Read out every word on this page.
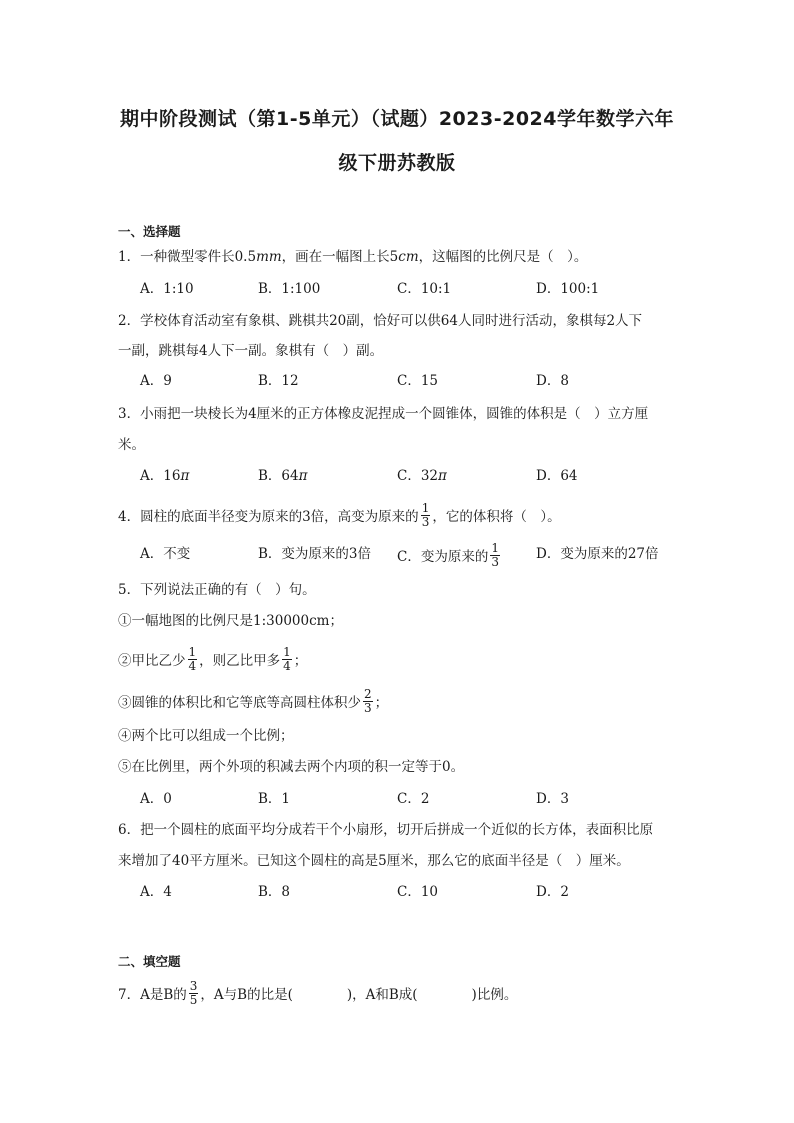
期中阶段测试（第1-5单元）（试题）2023-2024学年数学六年
级下册苏教版
一、选择题
1．一种微型零件长0.5mm，画在一幅图上长5cm，这幅图的比例尺是（　）。
A．1:10	B．1:100	C．10:1	D．100:1
2．学校体育活动室有象棋、跳棋共20副，恰好可以供64人同时进行活动，象棋每2人下
一副，跳棋每4人下一副。象棋有（　）副。
A．9	B．12	C．15	D．8
3．小雨把一块棱长为4厘米的正方体橡皮泥捏成一个圆锥体，圆锥的体积是（　）立方厘
米。
A．16π	B．64π	C．32π	D．64
4．圆柱的底面半径变为原来的3倍，高变为原来的 $\frac{1}{3}$ ，它的体积将（　）。
A．不变	B．变为原来的3倍 C．变为原来的 $\frac{1}{3}$	D．变为原来的27倍
5．下列说法正确的有（　）句。
①一幅地图的比例尺是1:30000cm；
②甲比乙少 $\frac{1}{4}$ ，则乙比甲多 $\frac{1}{4}$ ；
③圆锥的体积比和它等底等高圆柱体积少 $\frac{2}{3}$ ；
④两个比可以组成一个比例；
⑤在比例里，两个外项的积减去两个内项的积一定等于0。
A．0	B．1	C．2	D．3
6．把一个圆柱的底面平均分成若干个小扇形，切开后拼成一个近似的长方体，表面积比原
来增加了40平方厘米。已知这个圆柱的高是5厘米，那么它的底面半径是（　）厘米。
A．4	B．8	C．10	D．2
二、填空题
7．A是B的 $\frac{3}{5}$ ，A与B的比是(　　　　)，A和B成(　　　　)比例。
